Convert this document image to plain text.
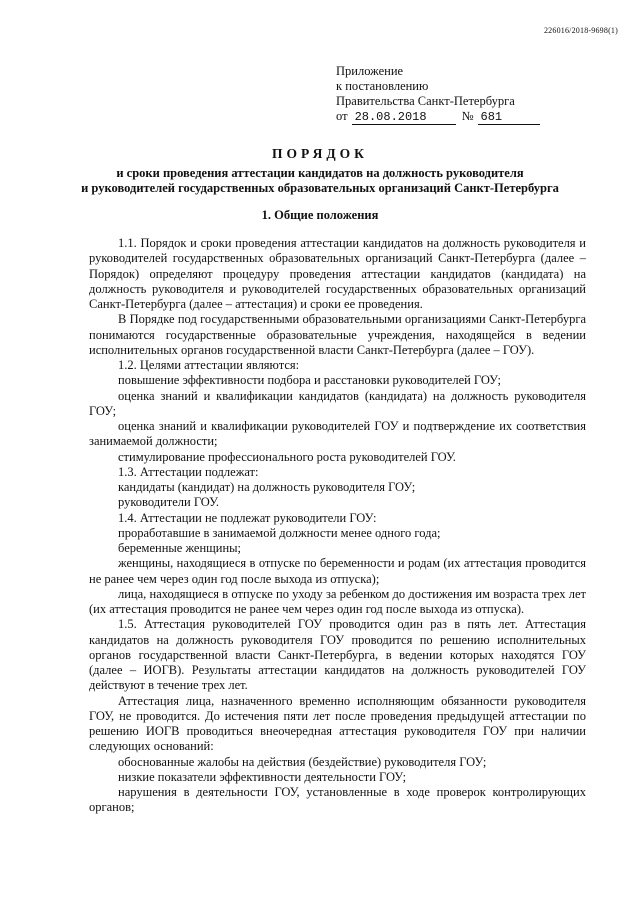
226016/2018-9698(1)
Приложение
к постановлению
Правительства Санкт-Петербурга
от 28.08.2018	№ 681
ПОРЯДОК
и сроки проведения аттестации кандидатов на должность руководителя
и руководителей государственных образовательных организаций Санкт-Петербурга
1. Общие положения

1.1. Порядок и сроки проведения аттестации кандидатов на должность руководителя и руководителей государственных образовательных организаций Санкт-Петербурга (далее – Порядок) определяют процедуру проведения аттестации кандидатов (кандидата) на должность руководителя и руководителей государственных образовательных организаций Санкт-Петербурга (далее – аттестация) и сроки ее проведения.

В Порядке под государственными образовательными организациями Санкт-Петербурга понимаются государственные образовательные учреждения, находящейся в ведении исполнительных органов государственной власти Санкт-Петербурга (далее – ГОУ).

1.2. Целями аттестации являются:

повышение эффективности подбора и расстановки руководителей ГОУ;

оценка знаний и квалификации кандидатов (кандидата) на должность руководителя ГОУ;

оценка знаний и квалификации руководителей ГОУ и подтверждение их соответствия занимаемой должности;

стимулирование профессионального роста руководителей ГОУ.

1.3. Аттестации подлежат:

кандидаты (кандидат) на должность руководителя ГОУ;

руководители ГОУ.

1.4. Аттестации не подлежат руководители ГОУ:

проработавшие в занимаемой должности менее одного года;

беременные женщины;

женщины, находящиеся в отпуске по беременности и родам (их аттестация проводится не ранее чем через один год после выхода из отпуска);

лица, находящиеся в отпуске по уходу за ребенком до достижения им возраста трех лет (их аттестация проводится не ранее чем через один год после выхода из отпуска).

1.5. Аттестация руководителей ГОУ проводится один раз в пять лет. Аттестация кандидатов на должность руководителя ГОУ проводится по решению исполнительных органов государственной власти Санкт-Петербурга, в ведении которых находятся ГОУ (далее – ИОГВ). Результаты аттестации кандидатов на должность руководителей ГОУ действуют в течение трех лет.

Аттестация лица, назначенного временно исполняющим обязанности руководителя ГОУ, не проводится. До истечения пяти лет после проведения предыдущей аттестации по решению ИОГВ проводиться внеочередная аттестация руководителя ГОУ при наличии следующих оснований:

обоснованные жалобы на действия (бездействие) руководителя ГОУ;

низкие показатели эффективности деятельности ГОУ;

нарушения в деятельности ГОУ, установленные в ходе проверок контролирующих органов;
